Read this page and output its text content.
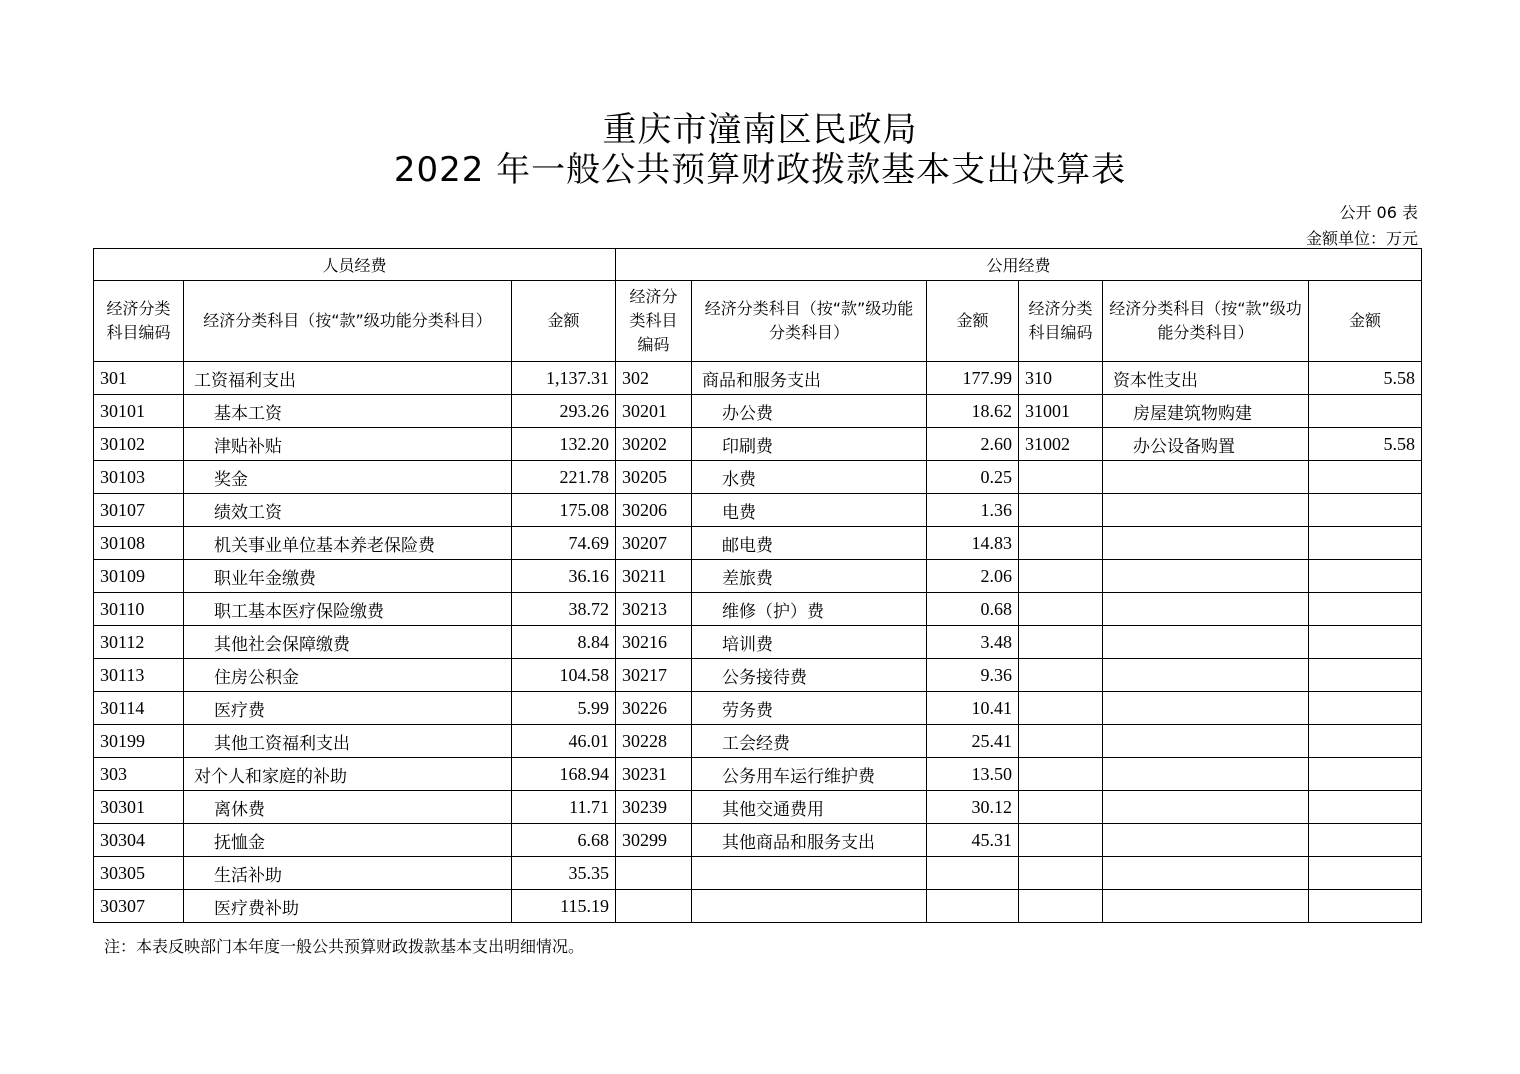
重庆市潼南区民政局
2022 年一般公共预算财政拨款基本支出决算表
公开 06 表
金额单位：万元
人员经费			公用经费					
经济分类科目编码	经济分类科目（按“款”级功能分类科目）	金额	经济分类科目编码	经济分类科目（按“款”级功能分类科目）	金额	经济分类科目编码	经济分类科目（按“款”级功能分类科目）	金额
301	工资福利支出	1,137.31	302	商品和服务支出	177.99	310	资本性支出	5.58
30101	基本工资	293.26	30201	办公费	18.62	31001	房屋建筑物购建	
30102	津贴补贴	132.20	30202	印刷费	2.60	31002	办公设备购置	5.58
30103	奖金	221.78	30205	水费	0.25			
30107	绩效工资	175.08	30206	电费	1.36			
30108	机关事业单位基本养老保险费	74.69	30207	邮电费	14.83			
30109	职业年金缴费	36.16	30211	差旅费	2.06			
30110	职工基本医疗保险缴费	38.72	30213	维修（护）费	0.68			
30112	其他社会保障缴费	8.84	30216	培训费	3.48			
30113	住房公积金	104.58	30217	公务接待费	9.36			
30114	医疗费	5.99	30226	劳务费	10.41			
30199	其他工资福利支出	46.01	30228	工会经费	25.41			
303	对个人和家庭的补助	168.94	30231	公务用车运行维护费	13.50			
30301	离休费	11.71	30239	其他交通费用	30.12			
30304	抚恤金	6.68	30299	其他商品和服务支出	45.31			
30305	生活补助	35.35						
30307	医疗费补助	115.19						
注：本表反映部门本年度一般公共预算财政拨款基本支出明细情况。
